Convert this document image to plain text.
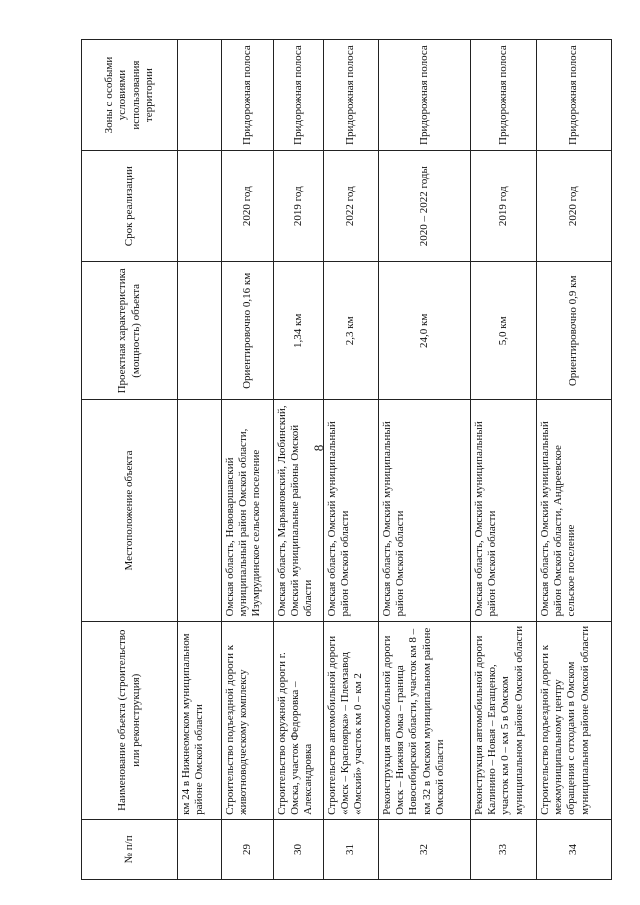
8
№ п/п	Наименование объекта (строительство или реконструкция)	Местоположение объекта	Проектная характеристика (мощность) объекта	Срок реализации	Зоны с особыми условиями использования территории
	км 24 в Нижнеомском муниципальном районе Омской области				
29	Строительство подъездной дороги к животноводческому комплексу	Омская область, Нововаршавский муниципальный район Омской области, Изумрудинское сельское поселение	Ориентировочно 0,16 км	2020 год	Придорожная полоса
30	Строительство окружной дороги г. Омска, участок Федоровка – Александровка	Омская область, Марьяновский, Любинский, Омский муниципальные районы Омской области	1,34 км	2019 год	Придорожная полоса
31	Строительство автомобильной дороги «Омск – Красноярка» – Племзавод «Омский» участок км 0 – км 2	Омская область, Омский муниципальный район Омской области	2,3 км	2022 год	Придорожная полоса
32	Реконструкция автомобильной дороги Омск – Нижняя Омка – граница Новосибирской области, участок км 8 – км 32 в Омском муниципальном районе Омской области	Омская область, Омский муниципальный район Омской области	24,0 км	2020 – 2022 годы	Придорожная полоса
33	Реконструкция автомобильной дороги Калинино – Новая – Евгащенко, участок км 0 – км 5 в Омском муниципальном районе Омской области	Омская область, Омский муниципальный район Омской области	5,0 км	2019 год	Придорожная полоса
34	Строительство подъездной дороги к межмуниципальному центру обращения с отходами в Омском муниципальном районе Омской области	Омская область, Омский муниципальный район Омской области, Андреевское сельское поселение	Ориентировочно 0,9 км	2020 год	Придорожная полоса
